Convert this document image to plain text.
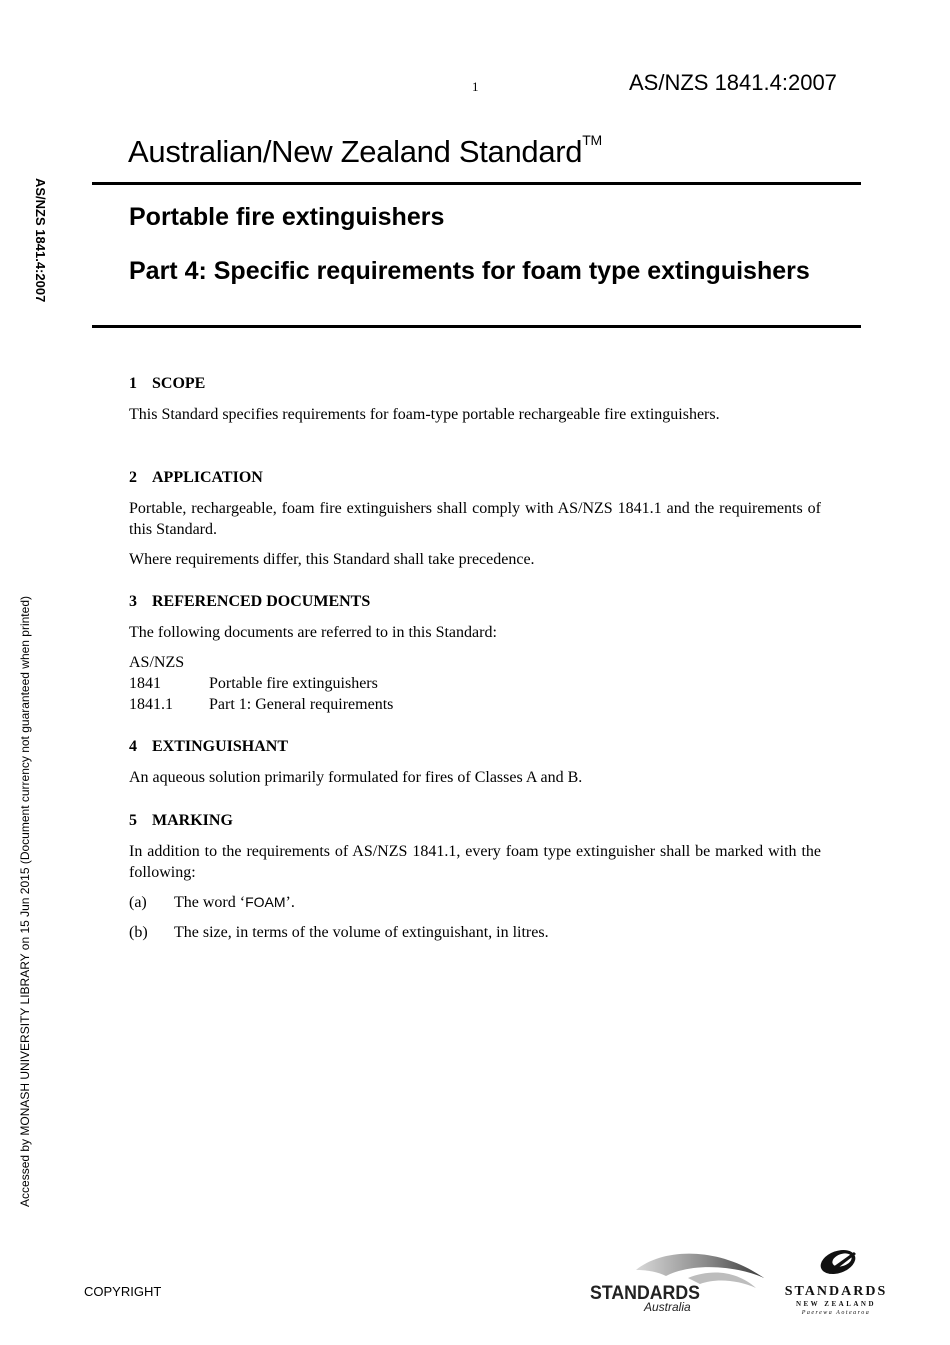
1	AS/NZS 1841.4:2007
Australian/New Zealand Standard™
Portable fire extinguishers
Part 4: Specific requirements for foam type extinguishers
AS/NZS 1841.4:2007
Accessed by MONASH UNIVERSITY LIBRARY on 15 Jun 2015 (Document currency not guaranteed when printed)

1 SCOPE

This Standard specifies requirements for foam-type portable rechargeable fire extinguishers.

2 APPLICATION

Portable, rechargeable, foam fire extinguishers shall comply with AS/NZS 1841.1 and the requirements of this Standard.

Where requirements differ, this Standard shall take precedence.

3 REFERENCED DOCUMENTS

The following documents are referred to in this Standard:

AS/NZS

1841	Portable fire extinguishers
1841.1	Part 1: General requirements

4 EXTINGUISHANT

An aqueous solution primarily formulated for fires of Classes A and B.

5 MARKING

In addition to the requirements of AS/NZS 1841.1, every foam type extinguisher shall be marked with the following:

(a)	The word ‘FOAM’.
(b)	The size, in terms of the volume of extinguishant, in litres.
COPYRIGHT	STANDARDS
Australia
STANDARDS
NEW ZEALAND
Paerewa Aotearoa
